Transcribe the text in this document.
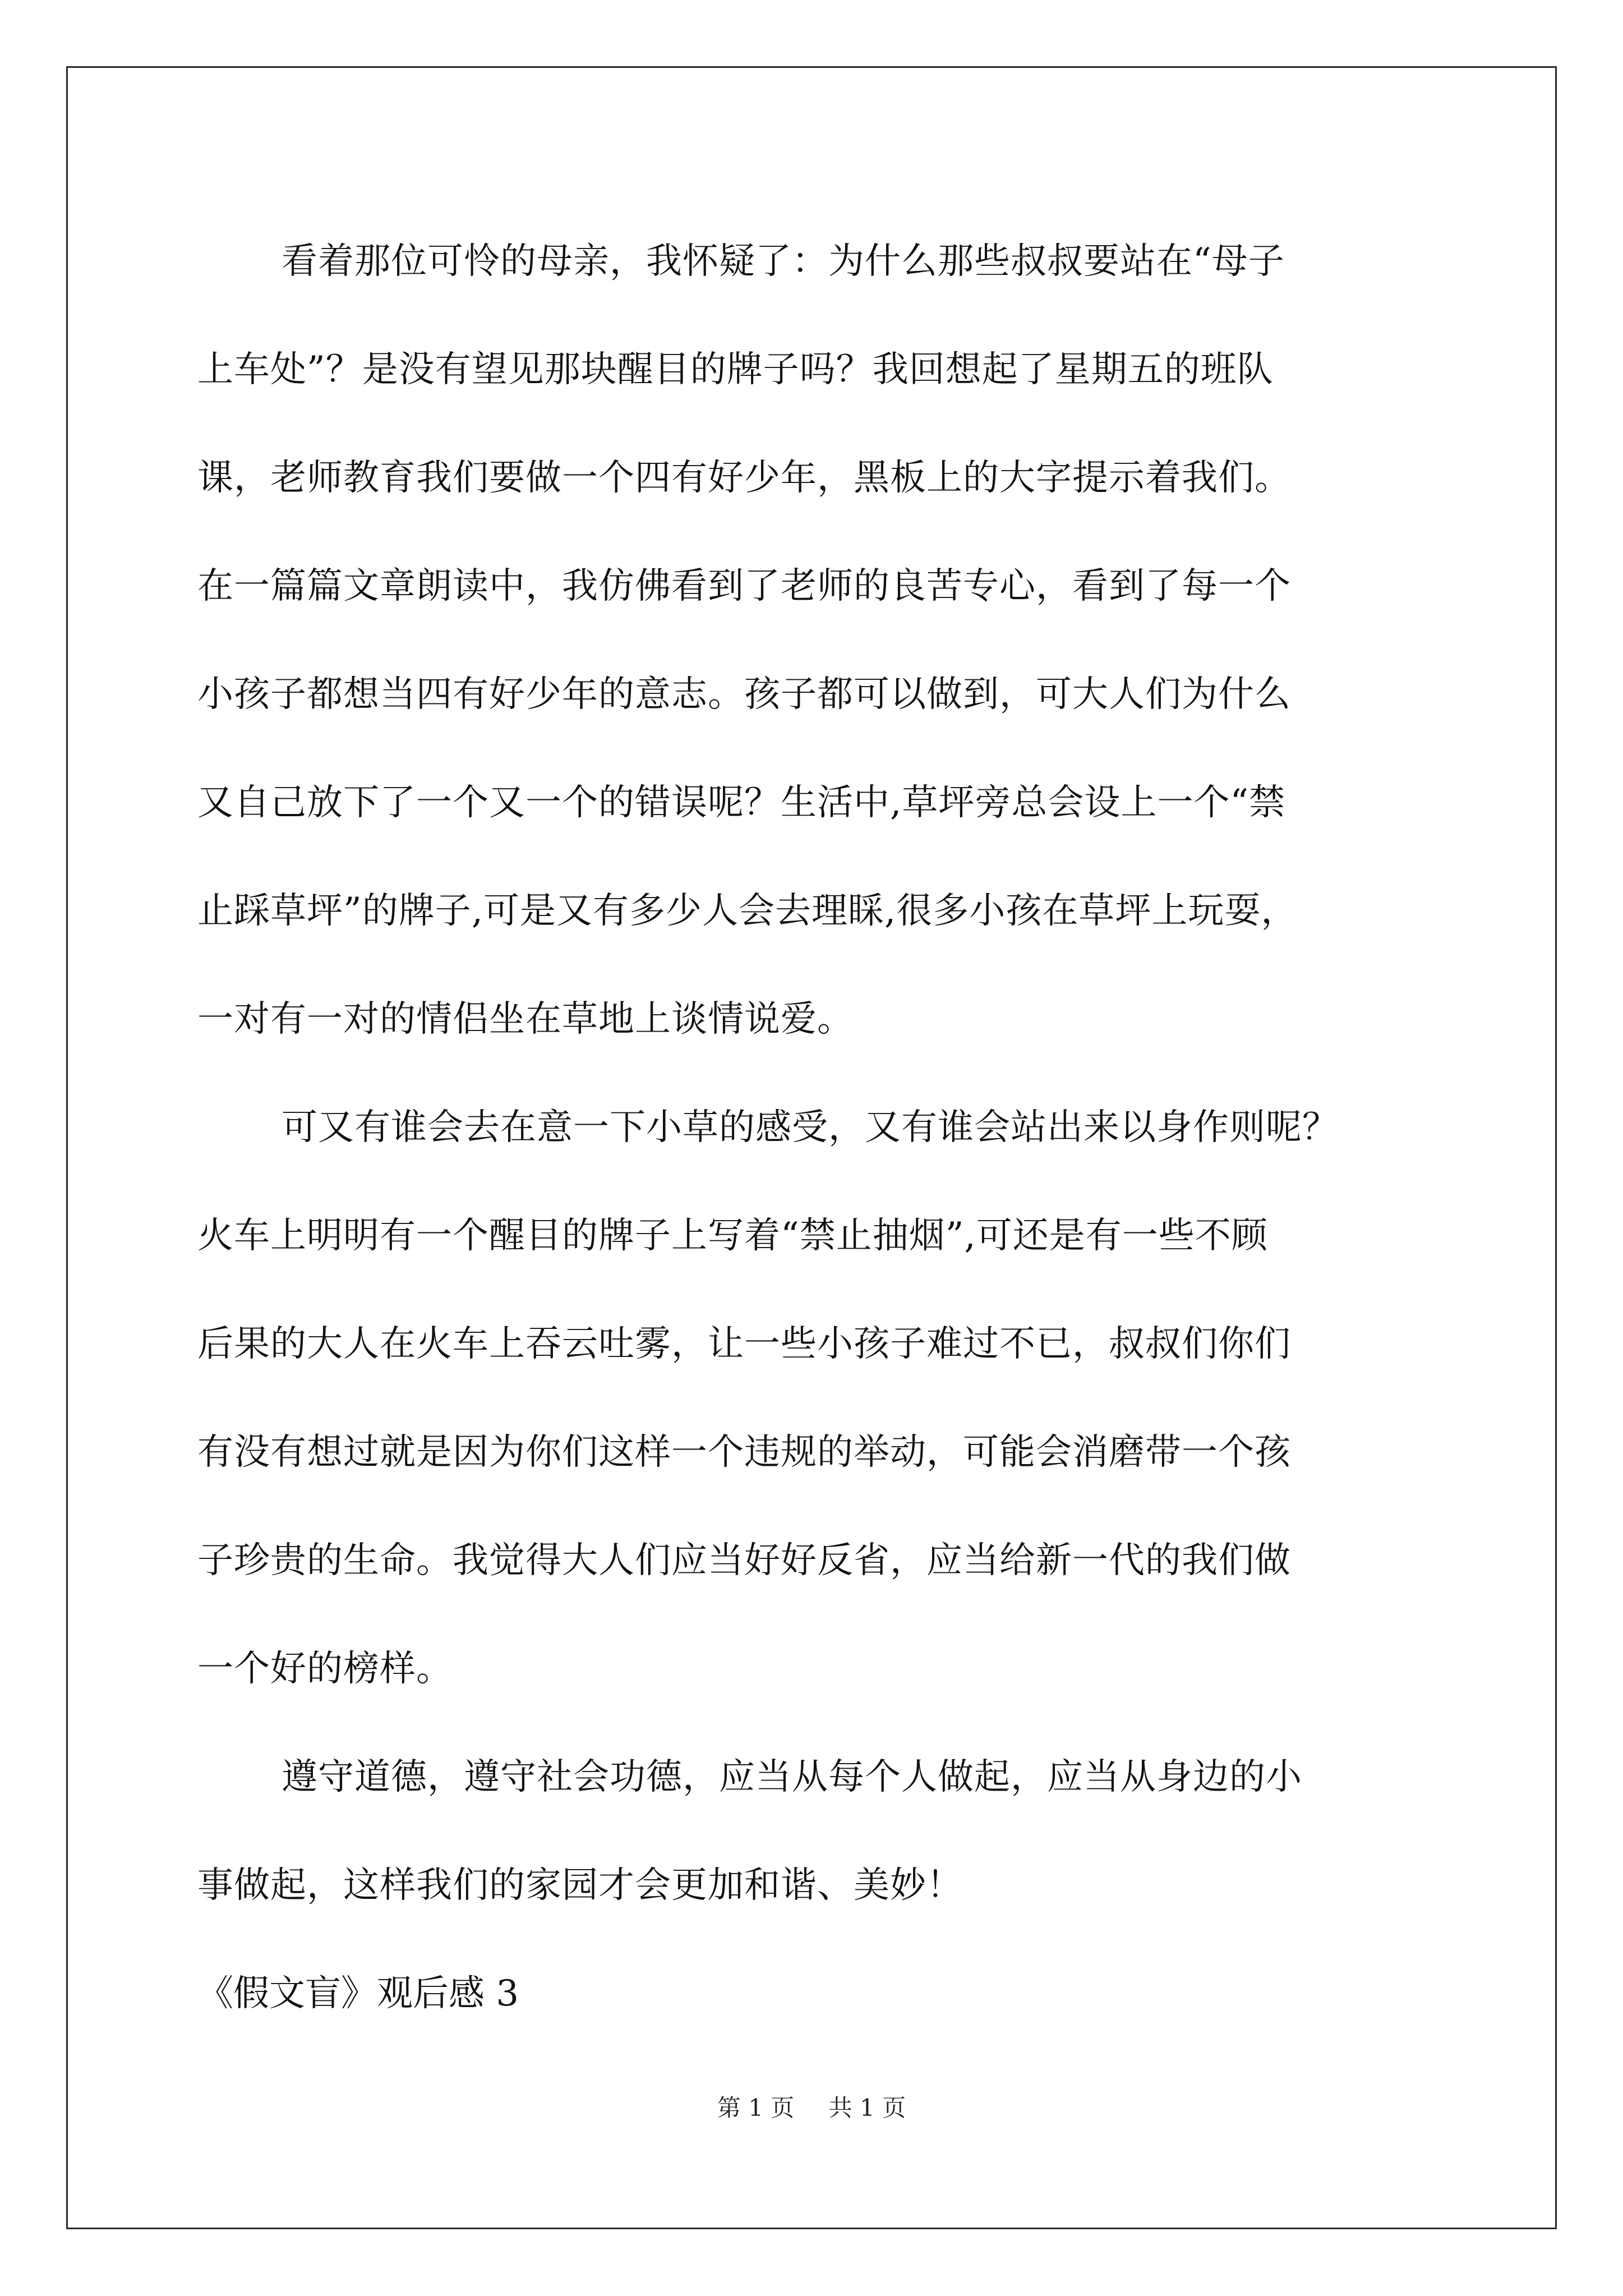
看着那位可怜的母亲，我怀疑了：为什么那些叔叔要站在“母子
上车处”？是没有望见那块醒目的牌子吗？我回想起了星期五的班队
课，老师教育我们要做一个四有好少年，黑板上的大字提示着我们。
在一篇篇文章朗读中，我仿佛看到了老师的良苦专心，看到了每一个
小孩子都想当四有好少年的意志。孩子都可以做到，可大人们为什么
又自己放下了一个又一个的错误呢？生活中,草坪旁总会设上一个“禁
止踩草坪”的牌子,可是又有多少人会去理睬,很多小孩在草坪上玩耍，
一对有一对的情侣坐在草地上谈情说爱。
可又有谁会去在意一下小草的感受，又有谁会站出来以身作则呢？
火车上明明有一个醒目的牌子上写着“禁止抽烟”,可还是有一些不顾
后果的大人在火车上吞云吐雾，让一些小孩子难过不已，叔叔们你们
有没有想过就是因为你们这样一个违规的举动，可能会消磨带一个孩
子珍贵的生命。我觉得大人们应当好好反省，应当给新一代的我们做
一个好的榜样。
遵守道德，遵守社会功德，应当从每个人做起，应当从身边的小
事做起，这样我们的家园才会更加和谐、美妙！
《假文盲》观后感 3
第 1 页 共 1 页
